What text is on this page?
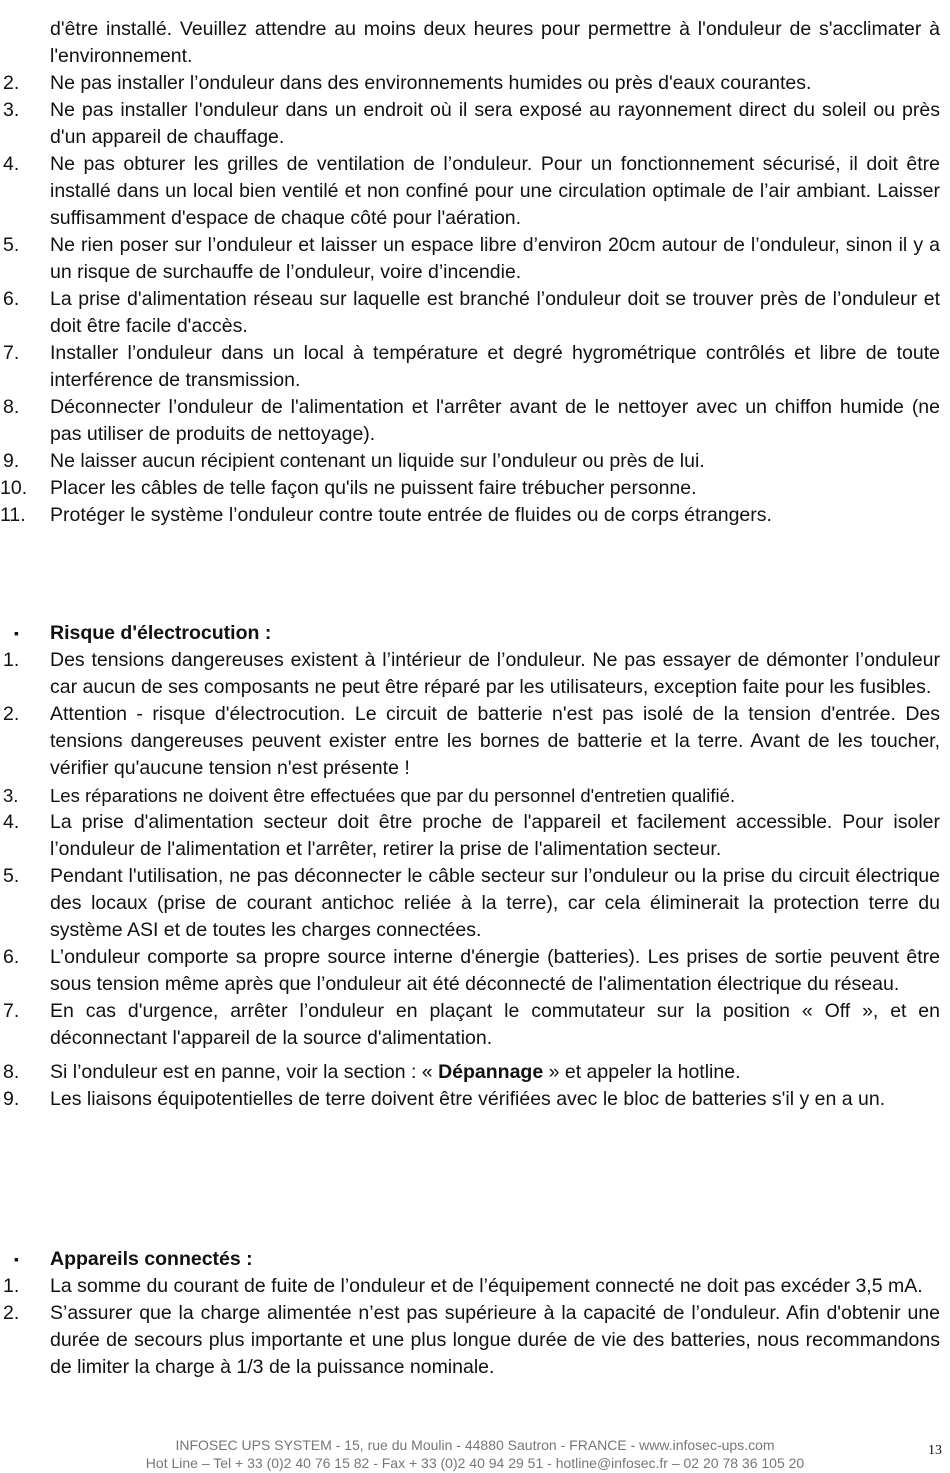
d'être installé. Veuillez attendre au moins deux heures pour permettre à l'onduleur de s'acclimater à l'environnement.
2. Ne pas installer l’onduleur dans des environnements humides ou près d'eaux courantes.
3. Ne pas installer l'onduleur dans un endroit où il sera exposé au rayonnement direct du soleil ou près d'un appareil de chauffage.
4. Ne pas obturer les grilles de ventilation de l’onduleur. Pour un fonctionnement sécurisé, il doit être installé dans un local bien ventilé et non confiné pour une circulation optimale de l’air ambiant. Laisser suffisamment d'espace de chaque côté pour l'aération.
5. Ne rien poser sur l’onduleur et laisser un espace libre d’environ 20cm autour de l’onduleur, sinon il y a un risque de surchauffe de l’onduleur, voire d’incendie.
6. La prise d'alimentation réseau sur laquelle est branché l’onduleur doit se trouver près de l’onduleur et doit être facile d'accès.
7. Installer l’onduleur dans un local à température et degré hygrométrique contrôlés et libre de toute interférence de transmission.
8. Déconnecter l’onduleur de l'alimentation et l'arrêter avant de le nettoyer avec un chiffon humide (ne pas utiliser de produits de nettoyage).
9. Ne laisser aucun récipient contenant un liquide sur l’onduleur ou près de lui.
10. Placer les câbles de telle façon qu'ils ne puissent faire trébucher personne.
11. Protéger le système l’onduleur contre toute entrée de fluides ou de corps étrangers.
▪ Risque d'électrocution :
1. Des tensions dangereuses existent à l’intérieur de l’onduleur. Ne pas essayer de démonter l’onduleur car aucun de ses composants ne peut être réparé par les utilisateurs, exception faite pour les fusibles.
2. Attention - risque d'électrocution. Le circuit de batterie n'est pas isolé de la tension d'entrée. Des tensions dangereuses peuvent exister entre les bornes de batterie et la terre. Avant de les toucher, vérifier qu'aucune tension n'est présente !
3. Les réparations ne doivent être effectuées que par du personnel d'entretien qualifié.
4. La prise d'alimentation secteur doit être proche de l'appareil et facilement accessible. Pour isoler l’onduleur de l'alimentation et l'arrêter, retirer la prise de l'alimentation secteur.
5. Pendant l'utilisation, ne pas déconnecter le câble secteur sur l’onduleur ou la prise du circuit électrique des locaux (prise de courant antichoc reliée à la terre), car cela éliminerait la protection terre du système ASI et de toutes les charges connectées.
6. L’onduleur comporte sa propre source interne d'énergie (batteries). Les prises de sortie peuvent être sous tension même après que l’onduleur ait été déconnecté de l'alimentation électrique du réseau.
7. En cas d'urgence, arrêter l’onduleur en plaçant le commutateur sur la position « Off », et en déconnectant l'appareil de la source d'alimentation.
8. Si l’onduleur est en panne, voir la section : « Dépannage » et appeler la hotline.
9. Les liaisons équipotentielles de terre doivent être vérifiées avec le bloc de batteries s'il y en a un.
▪ Appareils connectés :
1. La somme du courant de fuite de l’onduleur et de l’équipement connecté ne doit pas excéder 3,5 mA.
2. S’assurer que la charge alimentée n’est pas supérieure à la capacité de l’onduleur. Afin d'obtenir une durée de secours plus importante et une plus longue durée de vie des batteries, nous recommandons de limiter la charge à 1/3 de la puissance nominale.
INFOSEC UPS SYSTEM - 15, rue du Moulin - 44880 Sautron - FRANCE - www.infosec-ups.com
Hot Line – Tel + 33 (0)2 40 76 15 82 - Fax + 33 (0)2 40 94 29 51 - hotline@infosec.fr – 02 20 78 36 105 20
13
